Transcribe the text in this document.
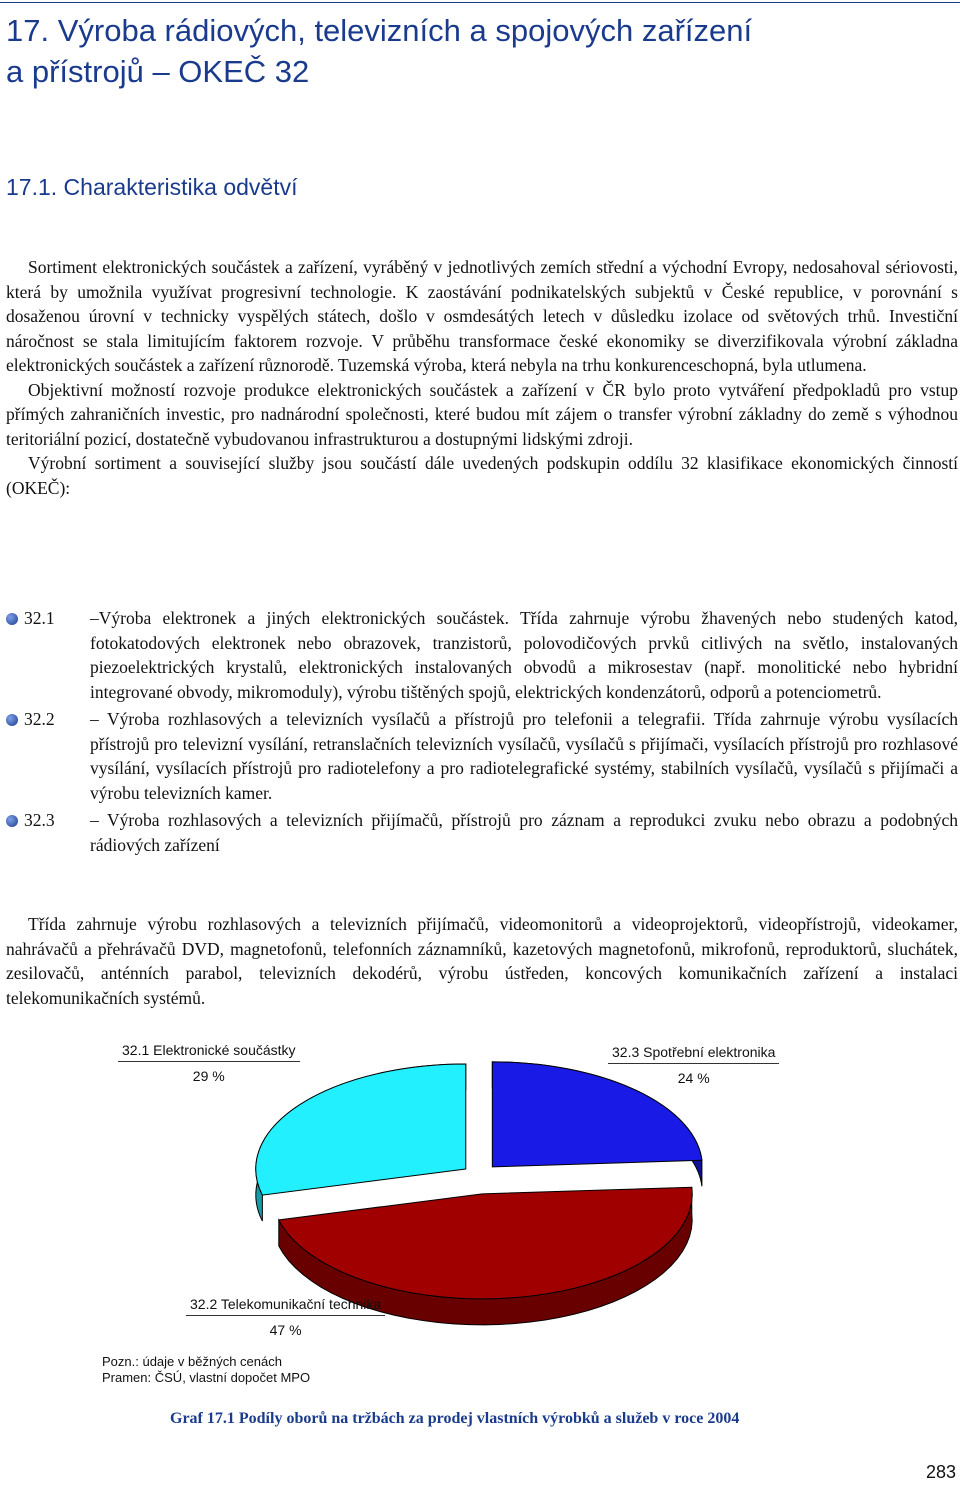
17. Výroba rádiových, televizních a spojových zařízení
a přístrojů – OKEČ 32
17.1. Charakteristika odvětví

Sortiment elektronických součástek a zařízení, vyráběný v jednotlivých zemích střední a východní Evropy, nedosahoval sériovosti, která by umožnila využívat progresivní technologie. K zaostávání podnikatelských subjektů v České republice, v porovnání s dosaženou úrovní v technicky vyspělých státech, došlo v osmdesátých letech v důsledku izolace od světových trhů. Investiční náročnost se stala limitujícím faktorem rozvoje. V průběhu transformace české ekonomiky se diverzifikovala výrobní základna elektronických součástek a zařízení různorodě. Tuzemská výroba, která nebyla na trhu konkurenceschopná, byla utlumena.

Objektivní možností rozvoje produkce elektronických součástek a zařízení v ČR bylo proto vytváření předpokladů pro vstup přímých zahraničních investic, pro nadnárodní společnosti, které budou mít zájem o transfer výrobní základny do země s výhodnou teritoriální pozicí, dostatečně vybudovanou infrastrukturou a dostupnými lidskými zdroji.

Výrobní sortiment a související služby jsou součástí dále uvedených podskupin oddílu 32 klasifikace ekonomických činností (OKEČ):

32.1 –Výroba elektronek a jiných elektronických součástek. Třída zahrnuje výrobu žhavených nebo studených katod, fotokatodových elektronek nebo obrazovek, tranzistorů, polovodičových prvků citlivých na světlo, instalovaných piezoelektrických krystalů, elektronických instalovaných obvodů a mikrosestav (např. monolitické nebo hybridní integrované obvody, mikromoduly), výrobu tištěných spojů, elektrických kondenzátorů, odporů a potenciometrů.
32.2 – Výroba rozhlasových a televizních vysílačů a přístrojů pro telefonii a telegrafii. Třída zahrnuje výrobu vysílacích přístrojů pro televizní vysílání, retranslačních televizních vysílačů, vysílačů s přijímači, vysílacích přístrojů pro rozhlasové vysílání, vysílacích přístrojů pro radiotelefony a pro radiotelegrafické systémy, stabilních vysílačů, vysílačů s přijímači a výrobu televizních kamer.
32.3 – Výroba rozhlasových a televizních přijímačů, přístrojů pro záznam a reprodukci zvuku nebo obrazu a podobných rádiových zařízení

Třída zahrnuje výrobu rozhlasových a televizních přijímačů, videomonitorů a videoprojektorů, videopřístrojů, videokamer, nahrávačů a přehrávačů DVD, magnetofonů, telefonních záznamníků, kazetových magnetofonů, mikrofonů, reproduktorů, sluchátek, zesilovačů, anténních parabol, televizních dekodérů, výrobu ústředen, koncových komunikačních zařízení a instalaci telekomunikačních systémů.

32.1 Elektronické součástky
29 %
32.3 Spotřební elektronika
24 %
32.2 Telekomunikační technika
47 %
Pozn.: údaje v běžných cenách
Pramen: ČSÚ, vlastní dopočet MPO
Graf 17.1 Podíly oborů na tržbách za prodej vlastních výrobků a služeb v roce 2004
283
